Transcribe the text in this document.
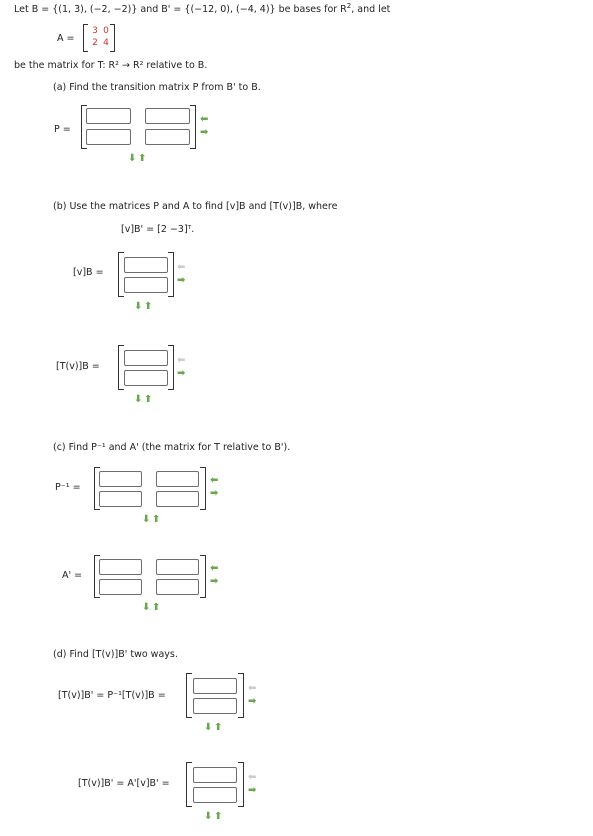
Let B = {(1, 3), (−2, −2)} and B' = {(−12, 0), (−4, 4)} be bases for $R^2$, and let
A =
3 0
2 4
be the matrix for T: R² → R² relative to B.
(a) Find the transition matrix P from B' to B.
P =
⬅
➡
⬇ ⬆
(b) Use the matrices P and A to find [v]B and [T(v)]B, where
[v]B' = [2 −3]ᵀ.
[v]B =	⬅
➡
⬇ ⬆
[T(v)]B =
⬅
➡
⬇ ⬆
(c) Find P⁻¹ and A' (the matrix for T relative to B').
P⁻¹ =
⬅
➡
⬇ ⬆
A' =
⬅
➡
⬇ ⬆
(d) Find [T(v)]B' two ways.
[T(v)]B' = P⁻¹[T(v)]B =
⬅
➡
⬇ ⬆
[T(v)]B' = A'[v]B' =
⬅
➡
⬇ ⬆
